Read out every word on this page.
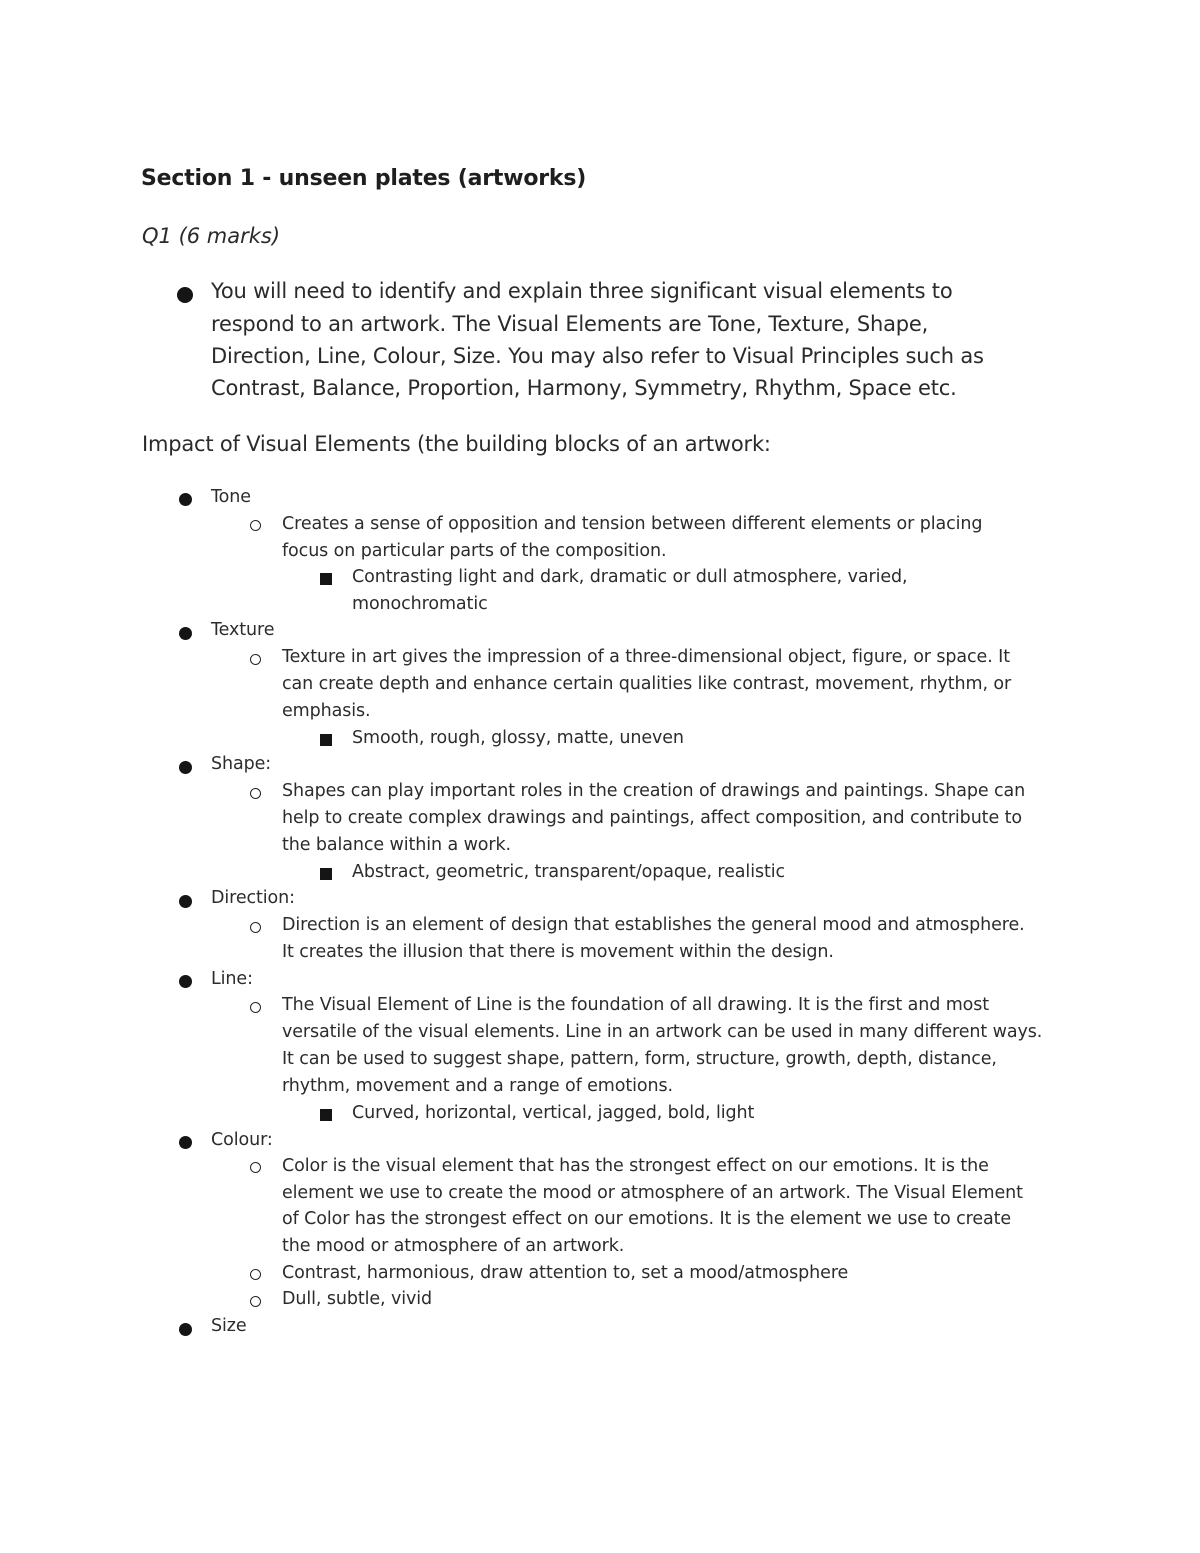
Section 1 - unseen plates (artworks)
Q1 (6 marks)
You will need to identify and explain three significant visual elements to
respond to an artwork. The Visual Elements are Tone, Texture, Shape,
Direction, Line, Colour, Size. You may also refer to Visual Principles such as
Contrast, Balance, Proportion, Harmony, Symmetry, Rhythm, Space etc.
Impact of Visual Elements (the building blocks of an artwork:
Tone
Creates a sense of opposition and tension between different elements or placing
focus on particular parts of the composition.
Contrasting light and dark, dramatic or dull atmosphere, varied,
monochromatic
Texture
Texture in art gives the impression of a three-dimensional object, figure, or space. It
can create depth and enhance certain qualities like contrast, movement, rhythm, or
emphasis.
Smooth, rough, glossy, matte, uneven
Shape:
Shapes can play important roles in the creation of drawings and paintings. Shape can
help to create complex drawings and paintings, affect composition, and contribute to
the balance within a work.
Abstract, geometric, transparent/opaque, realistic
Direction:
Direction is an element of design that establishes the general mood and atmosphere.
It creates the illusion that there is movement within the design.
Line:
The Visual Element of Line is the foundation of all drawing. It is the first and most
versatile of the visual elements. Line in an artwork can be used in many different ways.
It can be used to suggest shape, pattern, form, structure, growth, depth, distance,
rhythm, movement and a range of emotions.
Curved, horizontal, vertical, jagged, bold, light
Colour:
Color is the visual element that has the strongest effect on our emotions. It is the
element we use to create the mood or atmosphere of an artwork. The Visual Element
of Color has the strongest effect on our emotions. It is the element we use to create
the mood or atmosphere of an artwork.
Contrast, harmonious, draw attention to, set a mood/atmosphere
Dull, subtle, vivid
Size
